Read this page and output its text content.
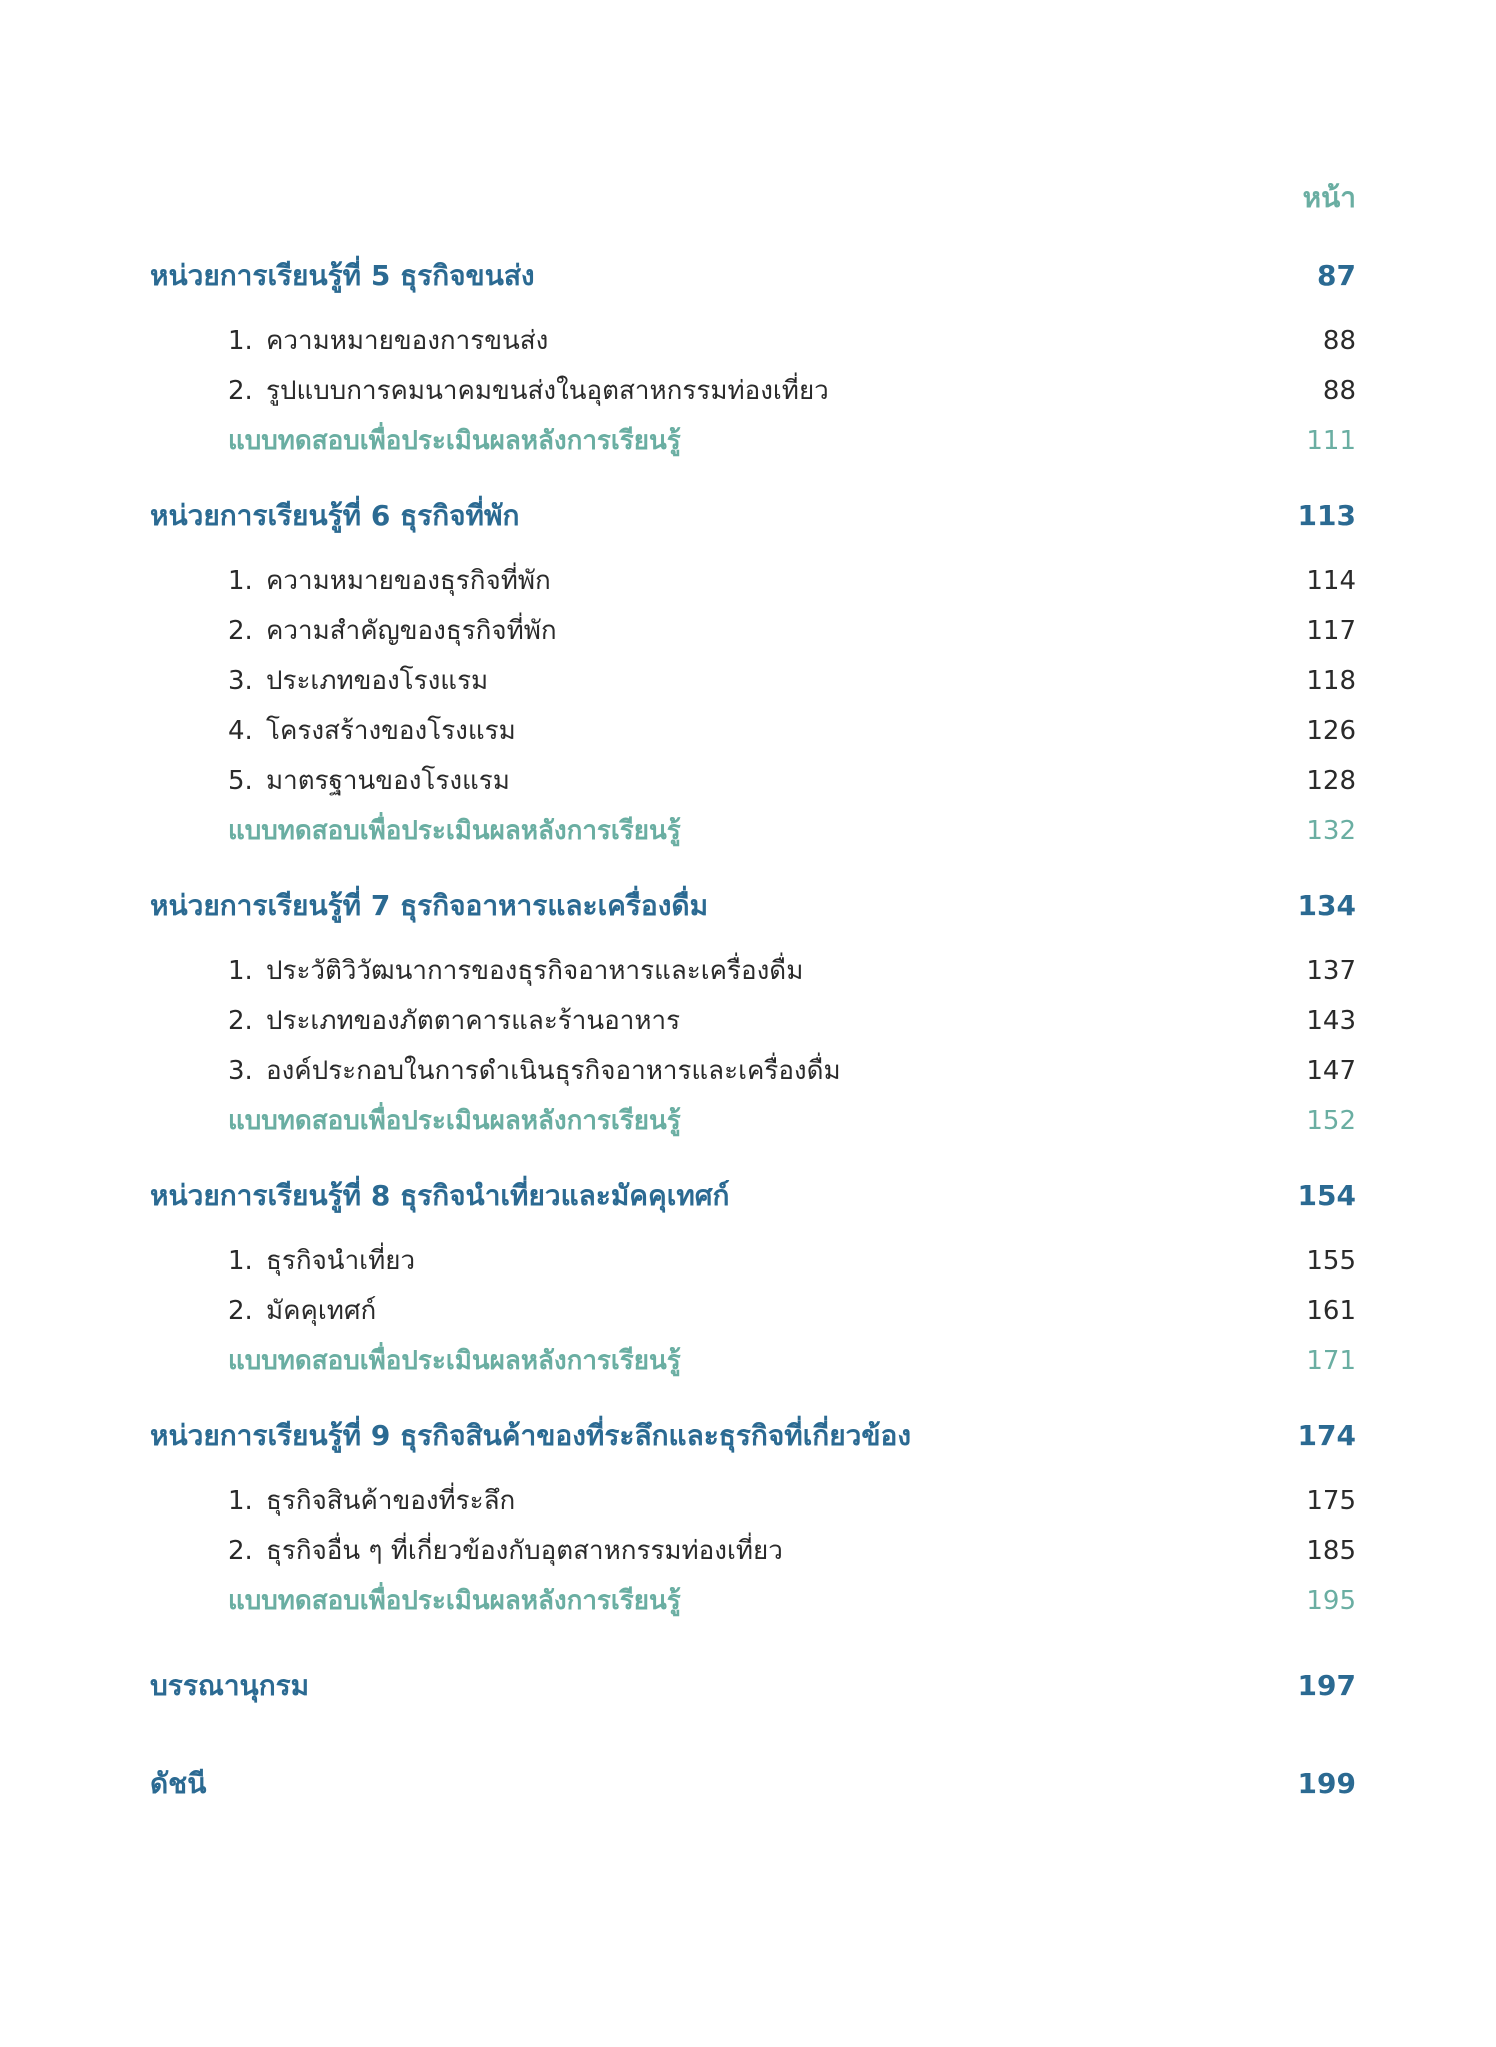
หน้า
หน่วยการเรียนรู้ที่ 5 ธุรกิจขนส่ง	87
1. ความหมายของการขนส่ง	88
2. รูปแบบการคมนาคมขนส่งในอุตสาหกรรมท่องเที่ยว	88
แบบทดสอบเพื่อประเมินผลหลังการเรียนรู้	111
หน่วยการเรียนรู้ที่ 6 ธุรกิจที่พัก	113
1. ความหมายของธุรกิจที่พัก	114
2. ความสำคัญของธุรกิจที่พัก	117
3. ประเภทของโรงแรม	118
4. โครงสร้างของโรงแรม	126
5. มาตรฐานของโรงแรม	128
แบบทดสอบเพื่อประเมินผลหลังการเรียนรู้	132
หน่วยการเรียนรู้ที่ 7 ธุรกิจอาหารและเครื่องดื่ม	134
1. ประวัติวิวัฒนาการของธุรกิจอาหารและเครื่องดื่ม	137
2. ประเภทของภัตตาคารและร้านอาหาร	143
3. องค์ประกอบในการดำเนินธุรกิจอาหารและเครื่องดื่ม	147
แบบทดสอบเพื่อประเมินผลหลังการเรียนรู้	152
หน่วยการเรียนรู้ที่ 8 ธุรกิจนำเที่ยวและมัคคุเทศก์	154
1. ธุรกิจนำเที่ยว	155
2. มัคคุเทศก์	161
แบบทดสอบเพื่อประเมินผลหลังการเรียนรู้	171
หน่วยการเรียนรู้ที่ 9 ธุรกิจสินค้าของที่ระลึกและธุรกิจที่เกี่ยวข้อง	174
1. ธุรกิจสินค้าของที่ระลึก	175
2. ธุรกิจอื่น ๆ ที่เกี่ยวข้องกับอุตสาหกรรมท่องเที่ยว	185
แบบทดสอบเพื่อประเมินผลหลังการเรียนรู้	195
บรรณานุกรม	197
ดัชนี	199
